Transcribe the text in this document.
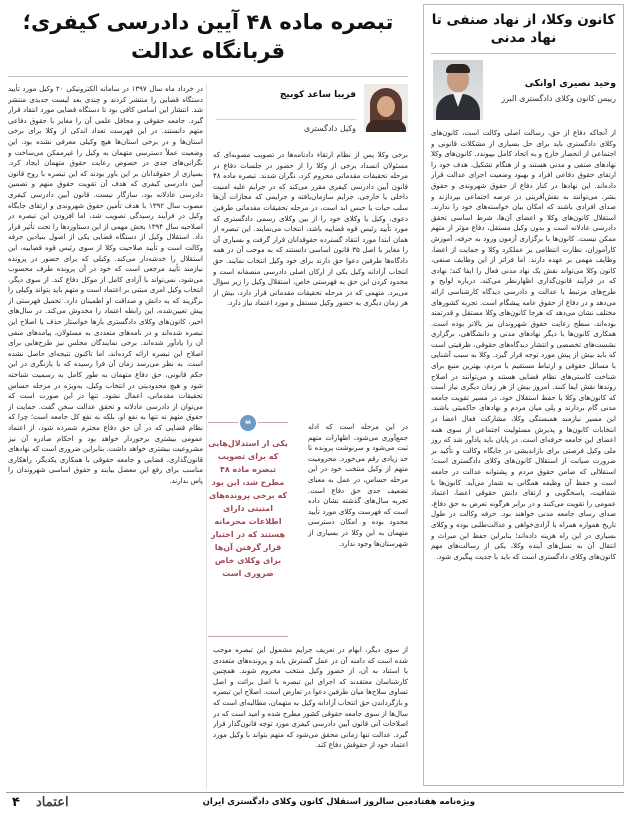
کانون وکلا، از نهاد صنفی تا نهاد مدنی
وحید نصیری اوانکی
رییس کانون وکلای دادگستری البرز
از آنجاکه دفاع از حق، رسالت اصلی وکالت است، کانون‌های وکلای دادگستری باید برای حل بسیاری از مشکلات قانونی و اجتماعی از انحصار خارج و به اتحاد کامل بپیوندد. کانون‌های وکلا نهادهای صنفی و مدنی هستند و از هنگام تشکیل، هدف خود را ارتقای حقوق دفاعی افراد و بهبود وضعیت اجرای عدالت قرار داده‌اند. این نهادها در کنار دفاع از حقوق شهروندی و حقوق بشر، می‌توانند به نقش‌آفرینی در عرصه اجتماعی بپردازند و صدای افرادی باشند که امکان بیان خواسته‌های خود را ندارند. استقلال کانون‌های وکلا و اعضای آن‌ها، شرط اساسی تحقق دادرسی عادلانه است و بدون وکیل مستقل، دفاع مؤثر از متهم ممکن نیست. کانون‌ها با برگزاری آزمون ورود به حرفه، آموزش کارآموزان، نظارت انتظامی بر عملکرد وکلا و حمایت از اعضا، وظایف مهمی بر عهده دارند. اما فراتر از این وظایف صنفی، کانون وکلا می‌تواند نقش یک نهاد مدنی فعال را ایفا کند؛ نهادی که در فرآیند قانون‌گذاری اظهارنظر می‌کند، درباره لوایح و طرح‌های مرتبط با عدالت و دادرسی دیدگاه کارشناسی ارائه می‌دهد و در دفاع از حقوق عامه پیشگام است. تجربه کشورهای مختلف نشان می‌دهد که هرجا کانون‌های وکلا مستقل و قدرتمند بوده‌اند، سطح رعایت حقوق شهروندان نیز بالاتر بوده است. همکاری کانون‌ها با دیگر نهادهای مدنی و دانشگاهی، برگزاری نشست‌های تخصصی و انتشار دیدگاه‌های حقوقی، ظرفیتی است که باید بیش از پیش مورد توجه قرار گیرد. وکلا به سبب آشنایی با مسائل حقوقی و ارتباط مستقیم با مردم، بهترین منبع برای شناخت کاستی‌های نظام قضایی هستند و می‌توانند در اصلاح روندها نقش ایفا کنند. امروز بیش از هر زمان دیگری نیاز است که کانون‌های وکلا با حفظ استقلال خود، در مسیر تقویت جامعه مدنی گام بردارند و پلی میان مردم و نهادهای حاکمیتی باشند. این مسیر نیازمند همبستگی وکلا، مشارکت فعال اعضا در انتخابات کانون‌ها و پذیرش مسئولیت اجتماعی از سوی همه اعضای این جامعه حرفه‌ای است. در پایان باید یادآور شد که روز ملی وکیل فرصتی برای بازاندیشی در جایگاه وکالت و تأکید بر ضرورت صیانت از استقلال کانون‌های وکلای دادگستری است؛ استقلالی که ضامن حقوق مردم و پشتوانه عدالت در جامعه است و حفظ آن وظیفه همگانی به شمار می‌آید. کانون‌ها با شفافیت، پاسخگویی و ارتقای دانش حقوقی اعضا، اعتماد عمومی را تقویت می‌کنند و در برابر هرگونه تعرض به حق دفاع، صدای رسای جامعه مدنی خواهند بود. حرفه وکالت در طول تاریخ همواره همراه با آزادی‌خواهی و عدالت‌طلبی بوده و وکلای بسیاری در این راه هزینه داده‌اند؛ بنابراین حفظ این میراث و انتقال آن به نسل‌های آینده وکلا، یکی از رسالت‌های مهم کانون‌های وکلای دادگستری است که باید با جدیت پیگیری شود.
تبصره ماده ۴۸ آیین دادرسی کیفری؛ قربانگاه عدالت
فریبا ساعد کوبیج
وکیل دادگستری
برخی وکلا پس از نظام ارتقاء دادنامه‌ها در تصویب مصوبه‌ای که مسئولان انسداد برخی از وکلا را از حضور در جلسات دفاع در مرحله تحقیقات مقدماتی محروم کرد، نگران شدند. تبصره ماده ۴۸ قانون آیین دادرسی کیفری مقرر می‌کند که در جرایم علیه امنیت داخلی یا خارجی، جرایم سازمان‌یافته و جرایمی که مجازات آن‌ها سلب حیات یا حبس ابد است، در مرحله تحقیقات مقدماتی طرفین دعوی، وکیل یا وکلای خود را از بین وکلای رسمی دادگستری که مورد تأیید رئیس قوه قضاییه باشد، انتخاب می‌نمایند. این تبصره از همان ابتدا مورد انتقاد گسترده حقوقدانان قرار گرفت و بسیاری آن را مغایر با اصل ۳۵ قانون اساسی دانستند که به موجب آن در همه دادگاه‌ها طرفین دعوا حق دارند برای خود وکیل انتخاب نمایند. حق انتخاب آزادانه وکیل یکی از ارکان اصلی دادرسی منصفانه است و محدود کردن این حق به فهرستی خاص، استقلال وکیل را زیر سؤال می‌برد. متهمی که در مرحله تحقیقات مقدماتی قرار دارد، بیش از هر زمان دیگری به حضور وکیل مستقل و مورد اعتماد نیاز دارد.
در این مرحله است که ادله جمع‌آوری می‌شود، اظهارات متهم ثبت می‌شود و سرنوشت پرونده تا حد زیادی رقم می‌خورد. محرومیت متهم از وکیل منتخب خود در این مرحله حساس، در عمل به معنای تضعیف جدی حق دفاع است. تجربه سال‌های گذشته نشان داده است که فهرست وکلای مورد تأیید محدود بوده و امکان دسترسی متهمان به این وکلا در بسیاری از شهرستان‌ها وجود ندارد.
❝
یکی از استدلال‌هایی که برای تصویب تبصره ماده ۴۸ مطرح شد، این بود که برخی پرونده‌های امنیتی دارای اطلاعات محرمانه هستند که در اختیار قرار گرفتن آن‌ها برای وکلای خاص ضروری است
از سوی دیگر، ابهام در تعریف جرایم مشمول این تبصره موجب شده است که دامنه آن در عمل گسترش یابد و پرونده‌های متعددی با استناد به آن، از حضور وکیل منتخب محروم شوند. همچنین کارشناسان معتقدند که اجرای این تبصره با اصل برائت و اصل تساوی سلاح‌ها میان طرفین دعوا در تعارض است. اصلاح این تبصره و بازگرداندن حق انتخاب آزادانه وکیل به متهمان، مطالبه‌ای است که سال‌ها از سوی جامعه حقوقی کشور مطرح شده و امید است که در اصلاحات آتی قانون آیین دادرسی کیفری مورد توجه قانون‌گذار قرار گیرد. عدالت تنها زمانی محقق می‌شود که متهم بتواند با وکیل مورد اعتماد خود از حقوقش دفاع کند.
در خرداد ماه سال ۱۳۹۷ در سامانه الکترونیکی ۲۰ وکیل مورد تأیید دستگاه قضایی را منتشر کردند و چندی بعد لیست جدیدی منتشر شد. انتشار این اسامی کافی بود تا دستگاه قضایی مورد انتقاد قرار گیرد. جامعه حقوقی و محافل علمی آن را مغایر با حقوق دفاعی متهم دانستند. در این فهرست تعداد اندکی از وکلا برای برخی استان‌ها و در برخی استان‌ها هیچ وکیلی معرفی نشده بود. این وضعیت عملاً دسترسی متهمان به وکیل را غیرممکن می‌ساخت و نگرانی‌های جدی در خصوص رعایت حقوق متهمان ایجاد کرد. بسیاری از حقوقدانان بر این باور بودند که این تبصره با روح قانون آیین دادرسی کیفری که هدف آن تقویت حقوق متهم و تضمین دادرسی عادلانه بود، سازگار نیست. قانون آیین دادرسی کیفری مصوب سال ۱۳۹۲ با هدف تأمین حقوق شهروندی و ارتقای جایگاه وکیل در فرآیند رسیدگی تصویب شد، اما افزودن این تبصره در اصلاحیه سال ۱۳۹۴ بخش مهمی از این دستاوردها را تحت تأثیر قرار داد. استقلال وکیل از دستگاه قضایی یکی از اصول بنیادین حرفه وکالت است و تأیید صلاحیت وکلا از سوی رئیس قوه قضاییه، این استقلال را خدشه‌دار می‌کند. وکیلی که برای حضور در پرونده نیازمند تأیید مرجعی است که خود در آن پرونده طرف محسوب می‌شود، نمی‌تواند با آزادی کامل از موکل دفاع کند. از سوی دیگر، انتخاب وکیل امری مبتنی بر اعتماد است و متهم باید بتواند وکیلی را برگزیند که به دانش و صداقت او اطمینان دارد. تحمیل فهرستی از پیش تعیین‌شده، این رابطه اعتماد را مخدوش می‌کند. در سال‌های اخیر، کانون‌های وکلای دادگستری بارها خواستار حذف یا اصلاح این تبصره شده‌اند و در نامه‌های متعددی به مسئولان، پیامدهای منفی آن را یادآور شده‌اند. برخی نمایندگان مجلس نیز طرح‌هایی برای اصلاح این تبصره ارائه کرده‌اند، اما تاکنون نتیجه‌ای حاصل نشده است. به نظر می‌رسد زمان آن فرا رسیده که با بازنگری در این حکم قانونی، حق دفاع متهمان به طور کامل به رسمیت شناخته شود و هیچ محدودیتی در انتخاب وکیل، به‌ویژه در مرحله حساس تحقیقات مقدماتی، اعمال نشود. تنها در این صورت است که می‌توان از دادرسی عادلانه و تحقق عدالت سخن گفت. حمایت از حقوق متهم نه تنها به نفع او، بلکه به نفع کل جامعه است؛ چرا که نظام قضایی که در آن حق دفاع محترم شمرده شود، از اعتماد عمومی بیشتری برخوردار خواهد بود و احکام صادره آن نیز مشروعیت بیشتری خواهد داشت. بنابراین ضروری است که نهادهای قانون‌گذاری، قضایی و جامعه حقوقی با همکاری یکدیگر، راهکاری مناسب برای رفع این معضل بیابند و حقوق اساسی شهروندان را پاس بدارند.
ویژه‌نامه هفتادمین سالروز استقلال کانون وکلای دادگستری ایران
اعتماد
۴
